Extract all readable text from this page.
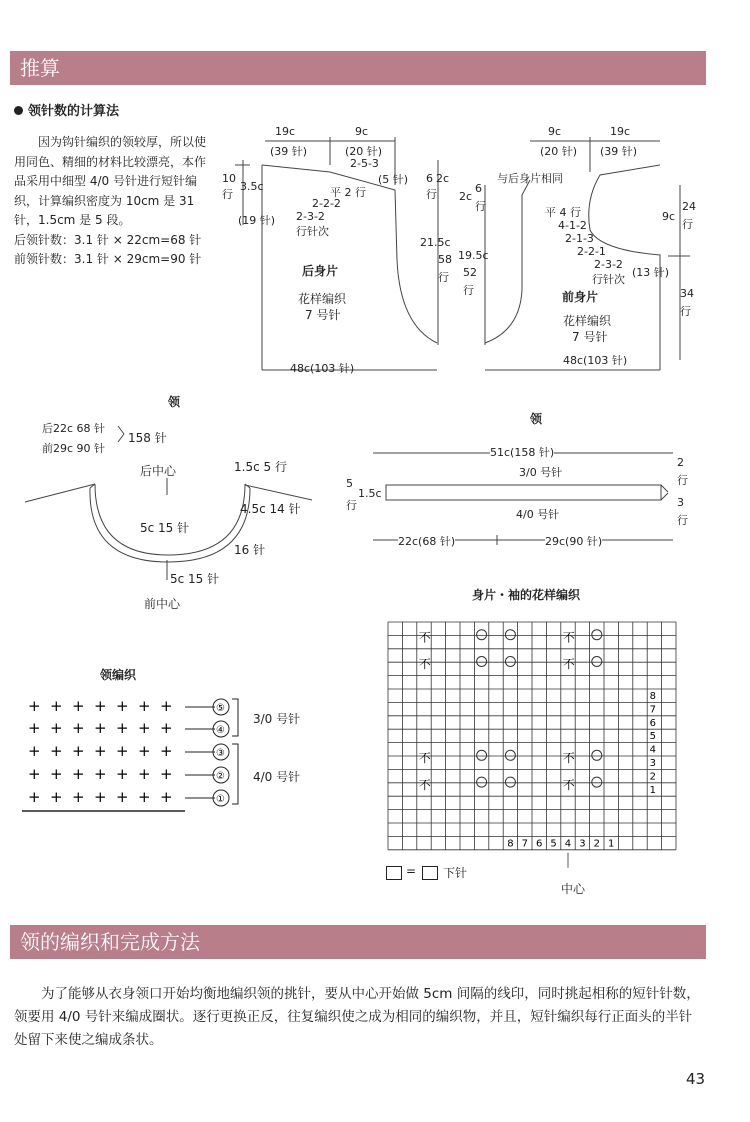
推算
领针数的计算法

因为钩针编织的领较厚，所以使用同色、精细的材料比较漂亮，本作品采用中细型 4/0 号针进行短针编织，计算编织密度为 10cm 是 31 针，1.5cm 是 5 段。

后领针数：3.1 针 × 22cm=68 针

前领针数：3.1 针 × 29cm=90 针

19c
(39 针)
9c
(20 针)
2-5-3
(5 针)
平 2 行
2-2-2
2-3-2
行针次
10
行
3.5c
(19 针)
6 2c
行
21.5c
58
行
后身片
花样编织
7 号针
48c(103 针)
9c
(20 针)
19c
(39 针)
与后身片相同
2c
6
行
19.5c
52
行
平 4 行
4-1-2
2-1-3
2-2-1
2-3-2
行针次
(13 针)
9c
24
行
34
行
前身片
花样编织
7 号针
48c(103 针)
领
后22c 68 针
前29c 90 针
158 针
后中心	1.5c 5 行
4.5c 14 针
5c 15 针
16 针
5c 15 针
前中心
领
51c(158 针)
5
1.5c
行
3/0 号针
4/0 号针
2
行
3
行
22c(68 针)	29c(90 针)
领编织
+ + + + + + +	⑤
+ + + + + + +	④
+ + + + + + +	③
+ + + + + + +	②
+ + + + + + +	①
3/0 号针
4/0 号针
身片・袖的花样编织
不	不
不	不
不	不
不	不
8
7
6
5
4
3
2
1
8 7 6 5 4 3 2 1
= 下针
中心
领的编织和完成方法
为了能够从衣身领口开始均衡地编织领的挑针，要从中心开始做 5cm 间隔的线印，同时挑起相称的短针针数，领要用 4/0 号针来编成圈状。逐行更换正反，往复编织使之成为相同的编织物，并且，短针编织每行正面头的半针处留下来使之编成条状。
43
